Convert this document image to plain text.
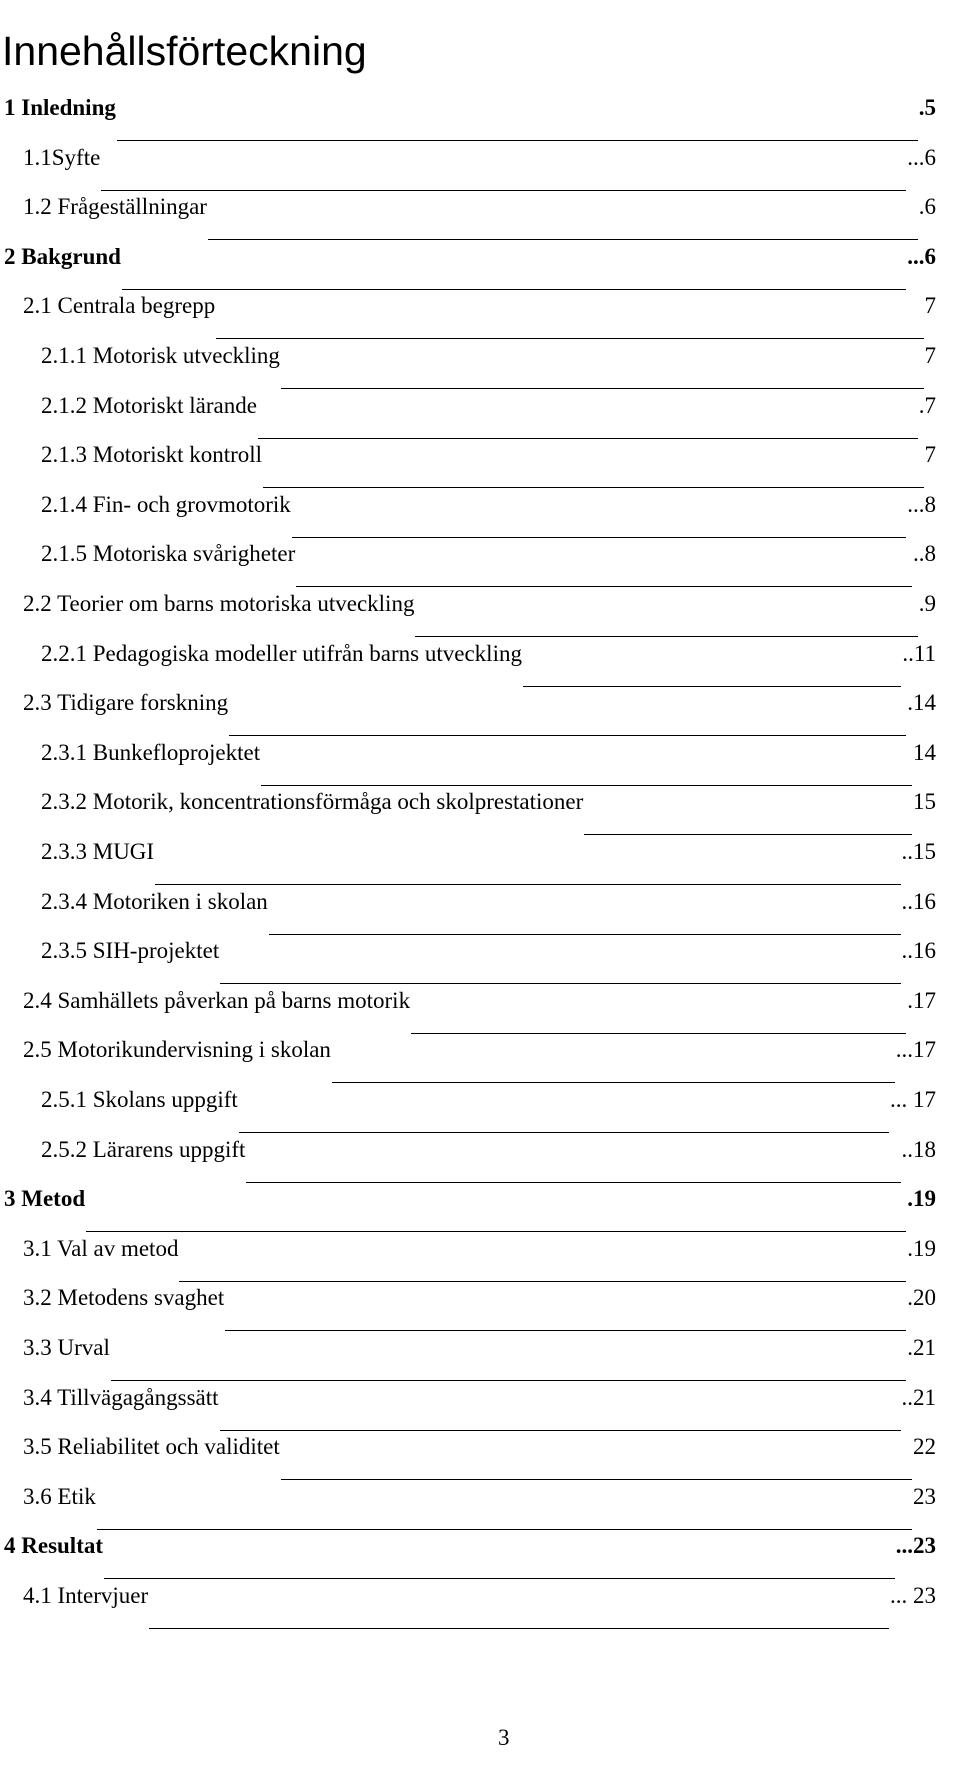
Innehållsförteckning
1 Inledning	.5
1.1Syfte	...6
1.2 Frågeställningar	.6
2 Bakgrund	...6
2.1 Centrala begrepp	7
2.1.1 Motorisk utveckling	7
2.1.2 Motoriskt lärande	.7
2.1.3 Motoriskt kontroll	7
2.1.4 Fin- och grovmotorik	...8
2.1.5 Motoriska svårigheter	..8
2.2 Teorier om barns motoriska utveckling	.9
2.2.1 Pedagogiska modeller utifrån barns utveckling	..11
2.3 Tidigare forskning	.14
2.3.1 Bunkefloprojektet	14
2.3.2 Motorik, koncentrationsförmåga och skolprestationer	15
2.3.3 MUGI	..15
2.3.4 Motoriken i skolan	..16
2.3.5 SIH-projektet	..16
2.4 Samhällets påverkan på barns motorik	.17
2.5 Motorikundervisning i skolan	...17
2.5.1 Skolans uppgift	... 17
2.5.2 Lärarens uppgift	..18
3 Metod	.19
3.1 Val av metod	.19
3.2 Metodens svaghet	.20
3.3 Urval	.21
3.4 Tillvägagångssätt	..21
3.5 Reliabilitet och validitet	22
3.6 Etik	23
4 Resultat	...23
4.1 Intervjuer	... 23
3
